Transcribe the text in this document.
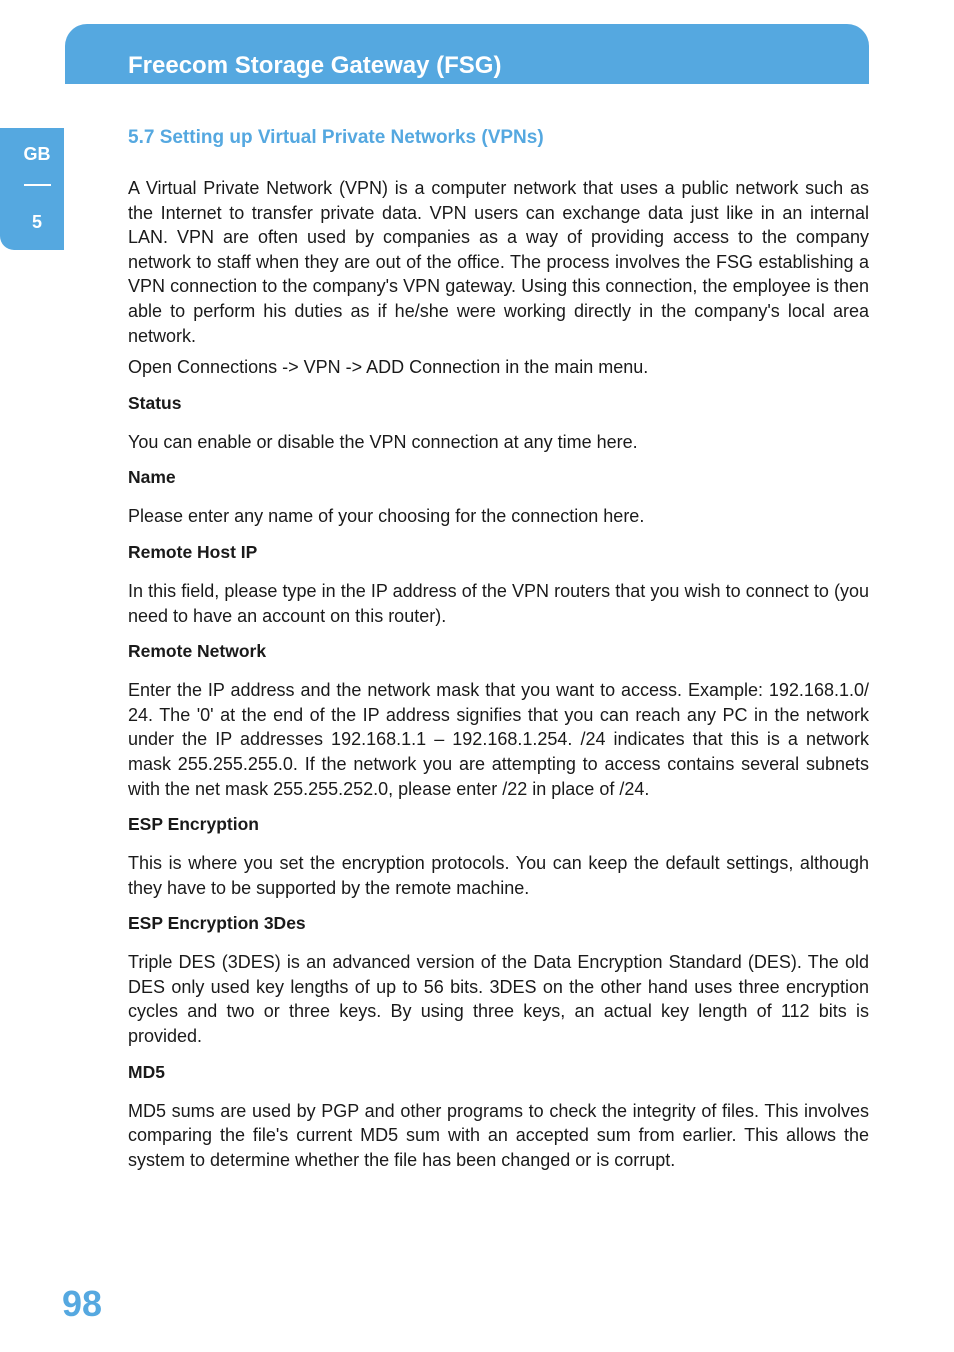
Freecom Storage Gateway (FSG)
GB
5
5.7 Setting up Virtual Private Networks (VPNs)

A Virtual Private Network (VPN) is a computer network that uses a public network such as the Internet to transfer private data. VPN users can exchange data just like in an internal LAN. VPN are often used by companies as a way of providing access to the company network to staff when they are out of the office. The process involves the FSG establishing a VPN connection to the company's VPN gateway. Using this connection, the employee is then able to perform his duties as if he/she were working directly in the company's local area network.

Open Connections -> VPN -> ADD Connection in the main menu.

Status

You can enable or disable the VPN connection at any time here.

Name

Please enter any name of your choosing for the connection here.

Remote Host IP

In this field, please type in the IP address of the VPN routers that you wish to connect to (you need to have an account on this router).

Remote Network

Enter the IP address and the network mask that you want to access. Example: 192.168.1.0/ 24. The '0' at the end of the IP address signifies that you can reach any PC in the network under the IP addresses 192.168.1.1 – 192.168.1.254. /24 indicates that this is a network mask 255.255.255.0. If the network you are attempting to access contains several subnets with the net mask 255.255.252.0, please enter /22 in place of /24.

ESP Encryption

This is where you set the encryption protocols. You can keep the default settings, although they have to be supported by the remote machine.

ESP Encryption 3Des

Triple DES (3DES) is an advanced version of the Data Encryption Standard (DES). The old DES only used key lengths of up to 56 bits. 3DES on the other hand uses three encryption cycles and two or three keys. By using three keys, an actual key length of 112 bits is provided.

MD5

MD5 sums are used by PGP and other programs to check the integrity of files. This involves comparing the file's current MD5 sum with an accepted sum from earlier. This allows the system to determine whether the file has been changed or is corrupt.

98
